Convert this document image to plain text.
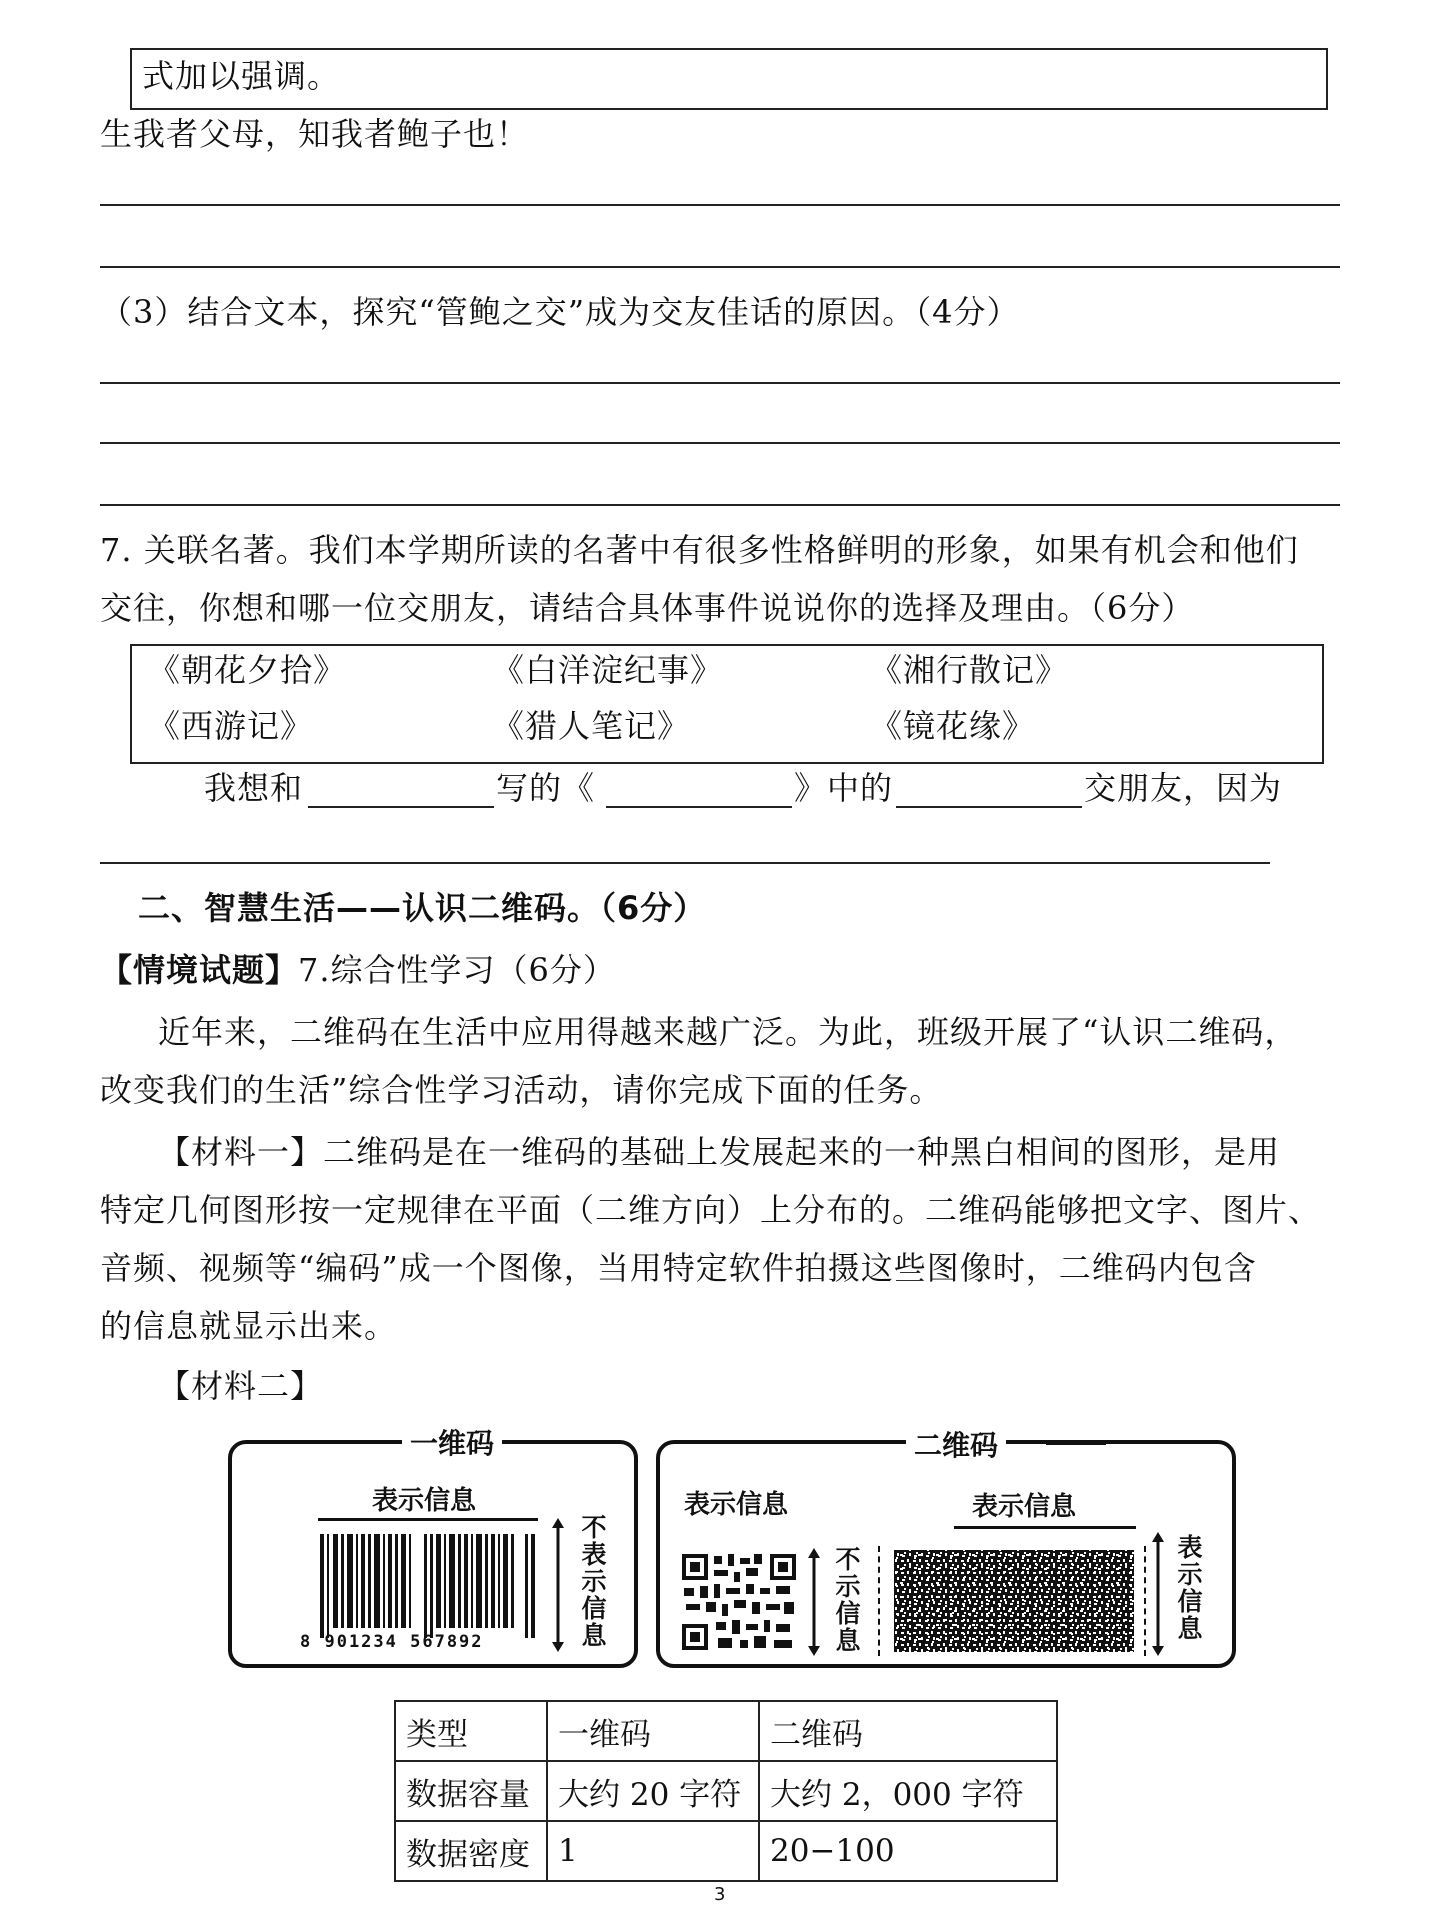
式加以强调。
生我者父母，知我者鲍子也！
（3）结合文本，探究“管鲍之交”成为交友佳话的原因。（4分）
7. 关联名著。我们本学期所读的名著中有很多性格鲜明的形象，如果有机会和他们
交往，你想和哪一位交朋友，请结合具体事件说说你的选择及理由。（6分）
《朝花夕拾》	《白洋淀纪事》	《湘行散记》
《西游记》	《猎人笔记》	《镜花缘》
我想和	写的《	》中的	交朋友，因为
二、智慧生活——认识二维码。（6分）
【情境试题】7.综合性学习（6分）
近年来，二维码在生活中应用得越来越广泛。为此，班级开展了“认识二维码，
改变我们的生活”综合性学习活动，请你完成下面的任务。
【材料一】二维码是在一维码的基础上发展起来的一种黑白相间的图形，是用
特定几何图形按一定规律在平面（二维方向）上分布的。二维码能够把文字、图片、
音频、视频等“编码”成一个图像，当用特定软件拍摄这些图像时，二维码内包含
的信息就显示出来。
【材料二】
一维码
表示信息
8 901234 567892	不表示信息
二维码
表示信息	表示信息
不示信息	表示信息
类型	一维码	二维码
数据容量	大约 20 字符	大约 2，000 字符
数据密度	1	20−100
3
